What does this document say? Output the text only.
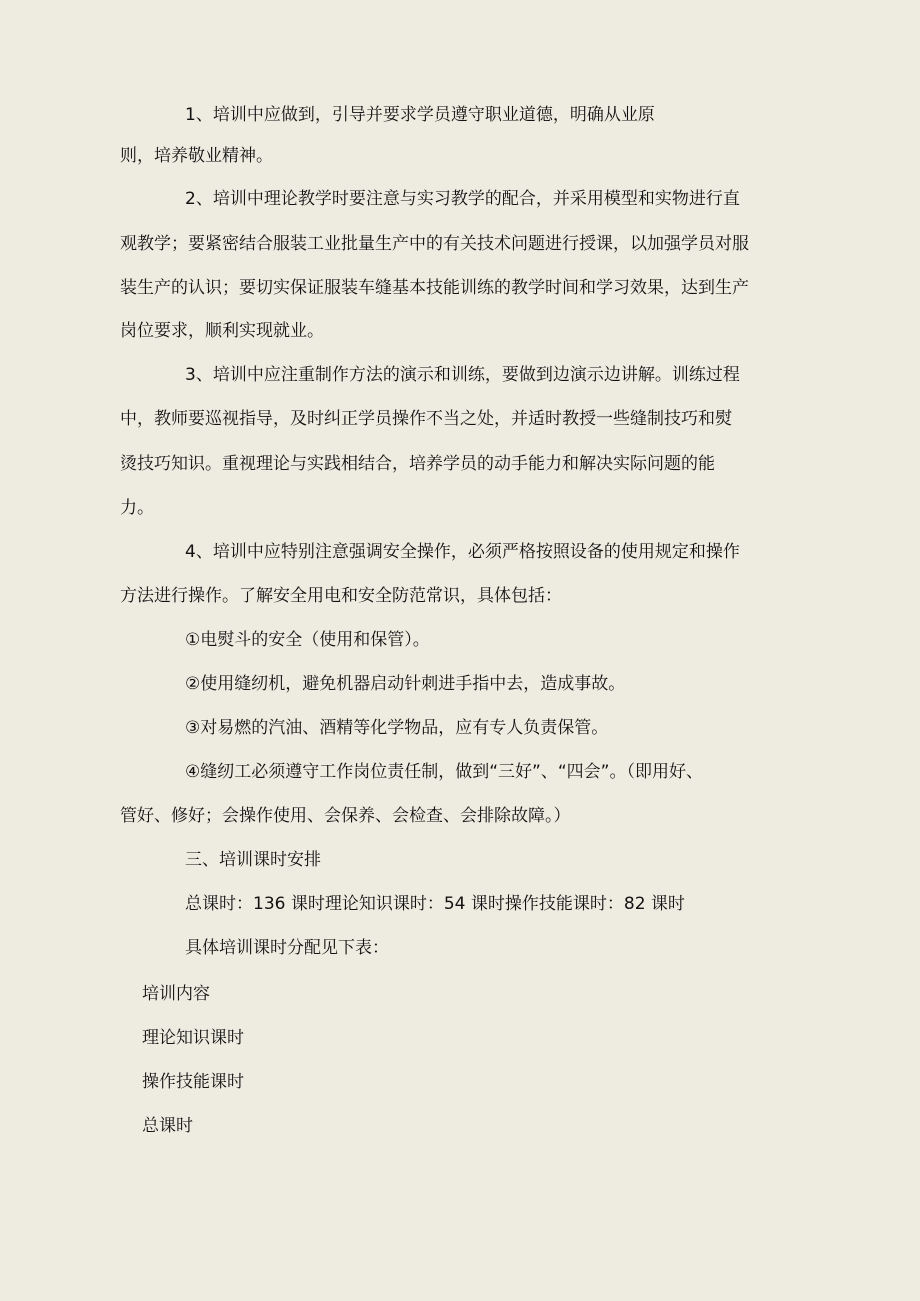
1、培训中应做到，引导并要求学员遵守职业道德，明确从业原

则，培养敬业精神。

2、培训中理论教学时要注意与实习教学的配合，并采用模型和实物进行直

观教学；要紧密结合服装工业批量生产中的有关技术问题进行授课，以加强学员对服

装生产的认识；要切实保证服装车缝基本技能训练的教学时间和学习效果，达到生产

岗位要求，顺利实现就业。

3、培训中应注重制作方法的演示和训练，要做到边演示边讲解。训练过程

中，教师要巡视指导，及时纠正学员操作不当之处，并适时教授一些缝制技巧和熨

烫技巧知识。重视理论与实践相结合，培养学员的动手能力和解决实际问题的能

力。

4、培训中应特别注意强调安全操作，必须严格按照设备的使用规定和操作

方法进行操作。了解安全用电和安全防范常识，具体包括：

①电熨斗的安全（使用和保管）。

②使用缝纫机，避免机器启动针刺进手指中去，造成事故。

③对易燃的汽油、酒精等化学物品，应有专人负责保管。

④缝纫工必须遵守工作岗位责任制，做到“三好”、“四会”。（即用好、

管好、修好；会操作使用、会保养、会检查、会排除故障。）

三、培训课时安排

总课时：136 课时理论知识课时：54 课时操作技能课时：82 课时

具体培训课时分配见下表：

培训内容

理论知识课时

操作技能课时

总课时
